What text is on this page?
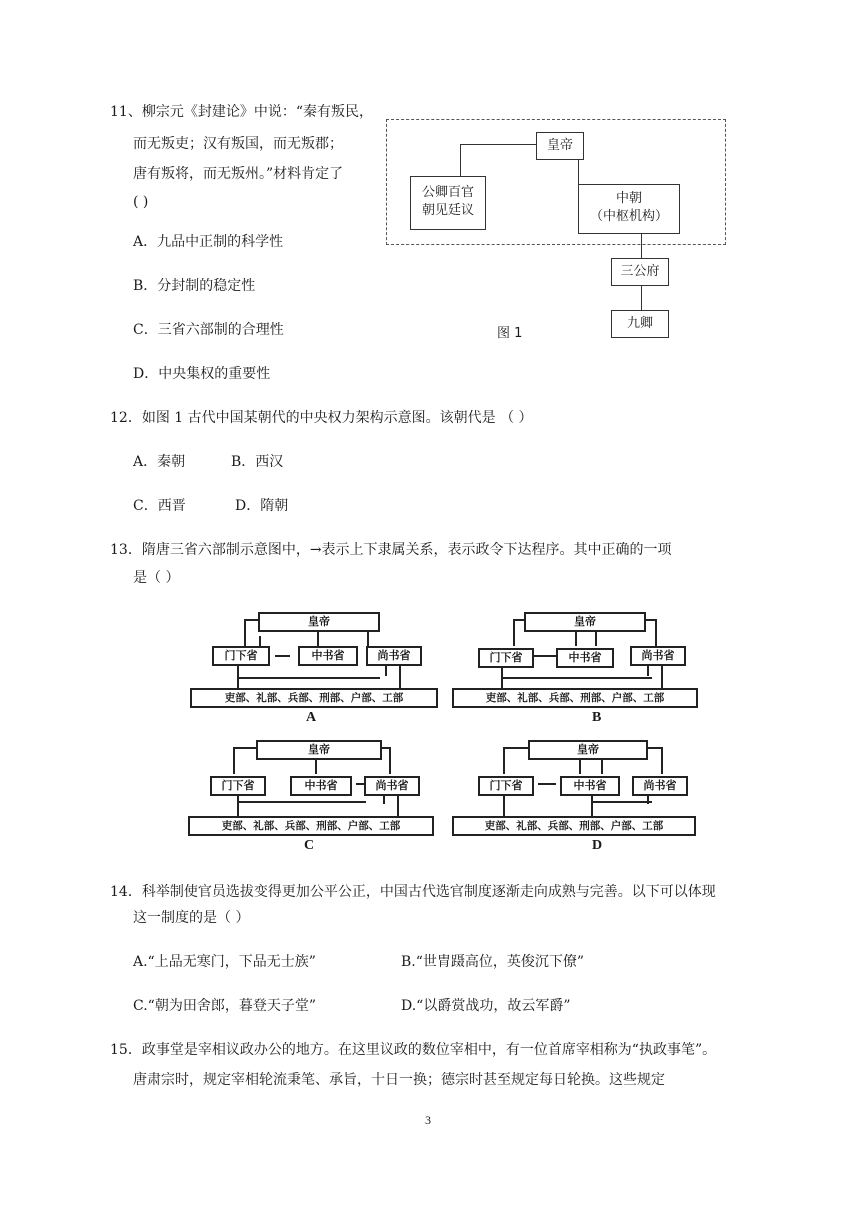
11、柳宗元《封建论》中说：“秦有叛民，
而无叛吏；汉有叛国，而无叛郡；
唐有叛将，而无叛州。”材料肯定了
( )
A．九品中正制的科学性
B．分封制的稳定性
C．三省六部制的合理性
D．中央集权的重要性
皇帝
公卿百官
朝见廷议
中朝
（中枢机构）
三公府
九卿
图 1
12．如图 1 古代中国某朝代的中央权力架构示意图。该朝代是 （ ）
A．秦朝	B．西汉
C．西晋	D．隋朝
13．隋唐三省六部制示意图中，→表示上下隶属关系，表示政令下达程序。其中正确的一项
是（ ）
皇帝
门下省	中书省	尚书省
吏部、礼部、兵部、刑部、户部、工部
A
皇帝
门下省	中书省	尚书省
吏部、礼部、兵部、刑部、户部、工部
B
皇帝
门下省	中书省	尚书省
吏部、礼部、兵部、刑部、户部、工部
C
皇帝
门下省	中书省	尚书省
吏部、礼部、兵部、刑部、户部、工部
D
14．科举制使官员选拔变得更加公平公正，中国古代选官制度逐渐走向成熟与完善。以下可以体现
这一制度的是（ ）
A.“上品无寒门，下品无士族”	B.“世胄蹑高位，英俊沉下僚”
C.“朝为田舍郎，暮登天子堂”	D.“以爵赏战功，故云军爵”
15．政事堂是宰相议政办公的地方。在这里议政的数位宰相中，有一位首席宰相称为“执政事笔”。
唐肃宗时，规定宰相轮流秉笔、承旨，十日一换；德宗时甚至规定每日轮换。这些规定
3
